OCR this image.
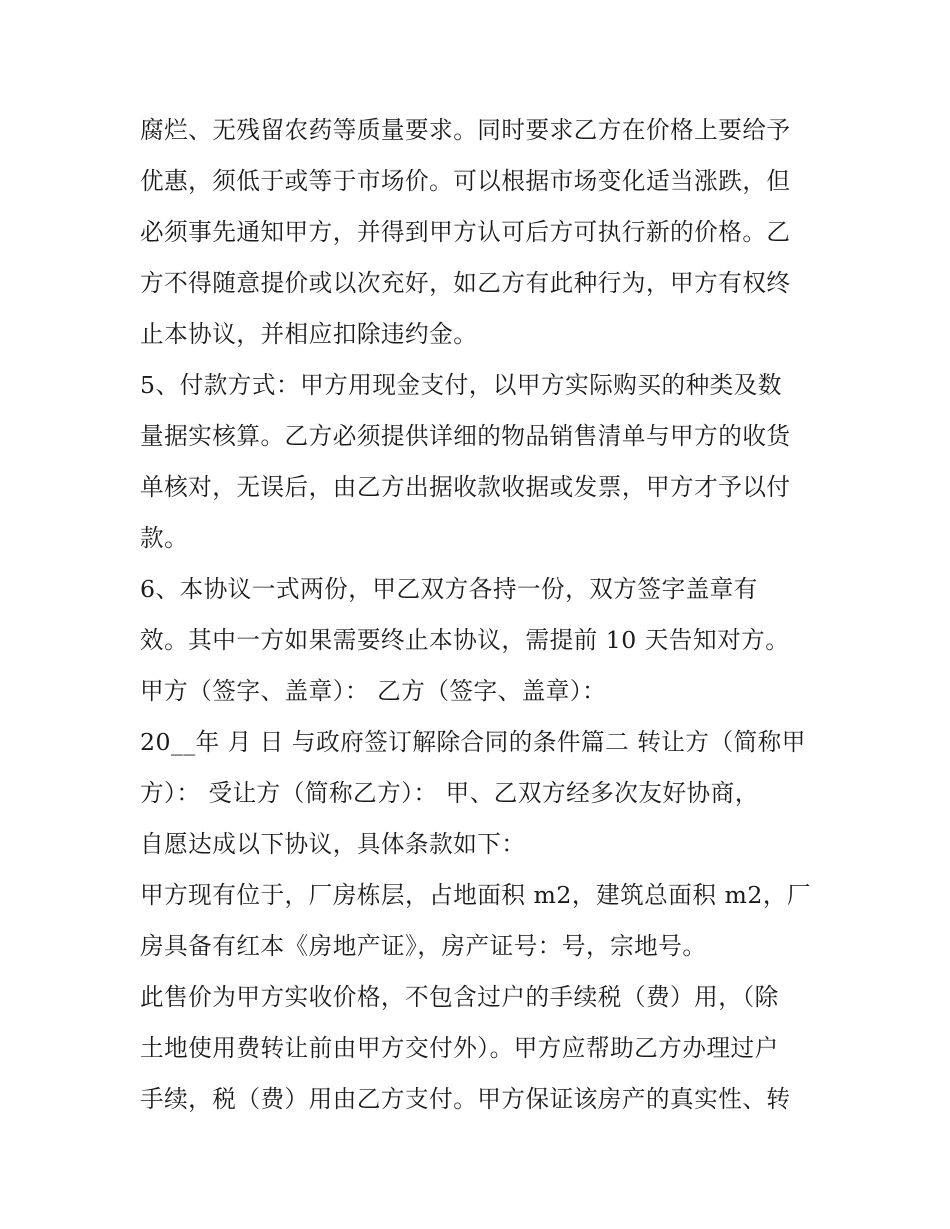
腐烂、无残留农药等质量要求。同时要求乙方在价格上要给予
优惠，须低于或等于市场价。可以根据市场变化适当涨跌，但
必须事先通知甲方，并得到甲方认可后方可执行新的价格。乙
方不得随意提价或以次充好，如乙方有此种行为，甲方有权终
止本协议，并相应扣除违约金。
5、付款方式：甲方用现金支付，以甲方实际购买的种类及数
量据实核算。乙方必须提供详细的物品销售清单与甲方的收货
单核对，无误后，由乙方出据收款收据或发票，甲方才予以付
款。
6、本协议一式两份，甲乙双方各持一份，双方签字盖章有
效。其中一方如果需要终止本协议，需提前 10 天告知对方。
甲方（签字、盖章）： 乙方（签字、盖章）：
20__年 月 日 与政府签订解除合同的条件篇二 转让方（简称甲
方）： 受让方（简称乙方）： 甲、乙双方经多次友好协商，
自愿达成以下协议，具体条款如下：
甲方现有位于，厂房栋层，占地面积 m2，建筑总面积 m2，厂
房具备有红本《房地产证》，房产证号：号，宗地号。
此售价为甲方实收价格，不包含过户的手续税（费）用，（除
土地使用费转让前由甲方交付外）。甲方应帮助乙方办理过户
手续，税（费）用由乙方支付。甲方保证该房产的真实性、转
